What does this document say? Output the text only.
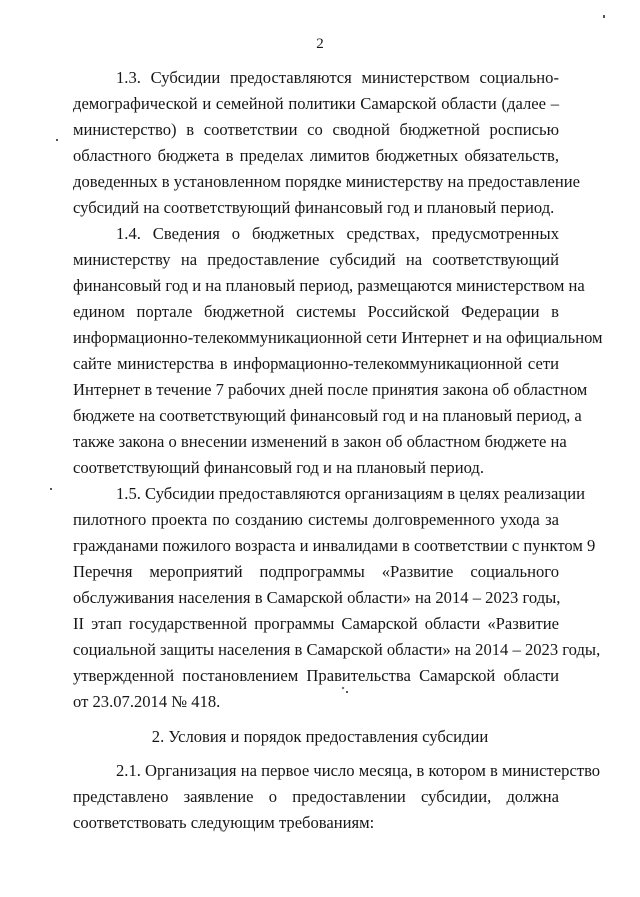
2
1.3. Субсидии предоставляются министерством социально-
демографической и семейной политики Самарской области (далее –
министерство) в соответствии со сводной бюджетной росписью
областного бюджета в пределах лимитов бюджетных обязательств,
доведенных в установленном порядке министерству на предоставление
субсидий на соответствующий финансовый год и плановый период.
1.4. Сведения о бюджетных средствах, предусмотренных
министерству на предоставление субсидий на соответствующий
финансовый год и на плановый период, размещаются министерством на
едином портале бюджетной системы Российской Федерации в
информационно-телекоммуникационной сети Интернет и на официальном
сайте министерства в информационно-телекоммуникационной сети
Интернет в течение 7 рабочих дней после принятия закона об областном
бюджете на соответствующий финансовый год и на плановый период, а
также закона о внесении изменений в закон об областном бюджете на
соответствующий финансовый год и на плановый период.
1.5. Субсидии предоставляются организациям в целях реализации
пилотного проекта по созданию системы долговременного ухода за
гражданами пожилого возраста и инвалидами в соответствии с пунктом 9
Перечня мероприятий подпрограммы «Развитие социального
обслуживания населения в Самарской области» на 2014 – 2023 годы,
II этап государственной программы Самарской области «Развитие
социальной защиты населения в Самарской области» на 2014 – 2023 годы,
утвержденной постановлением Правительства Самарской области
от 23.07.2014 № 418.
2. Условия и порядок предоставления субсидии
2.1. Организация на первое число месяца, в котором в министерство
представлено заявление о предоставлении субсидии, должна
соответствовать следующим требованиям:
